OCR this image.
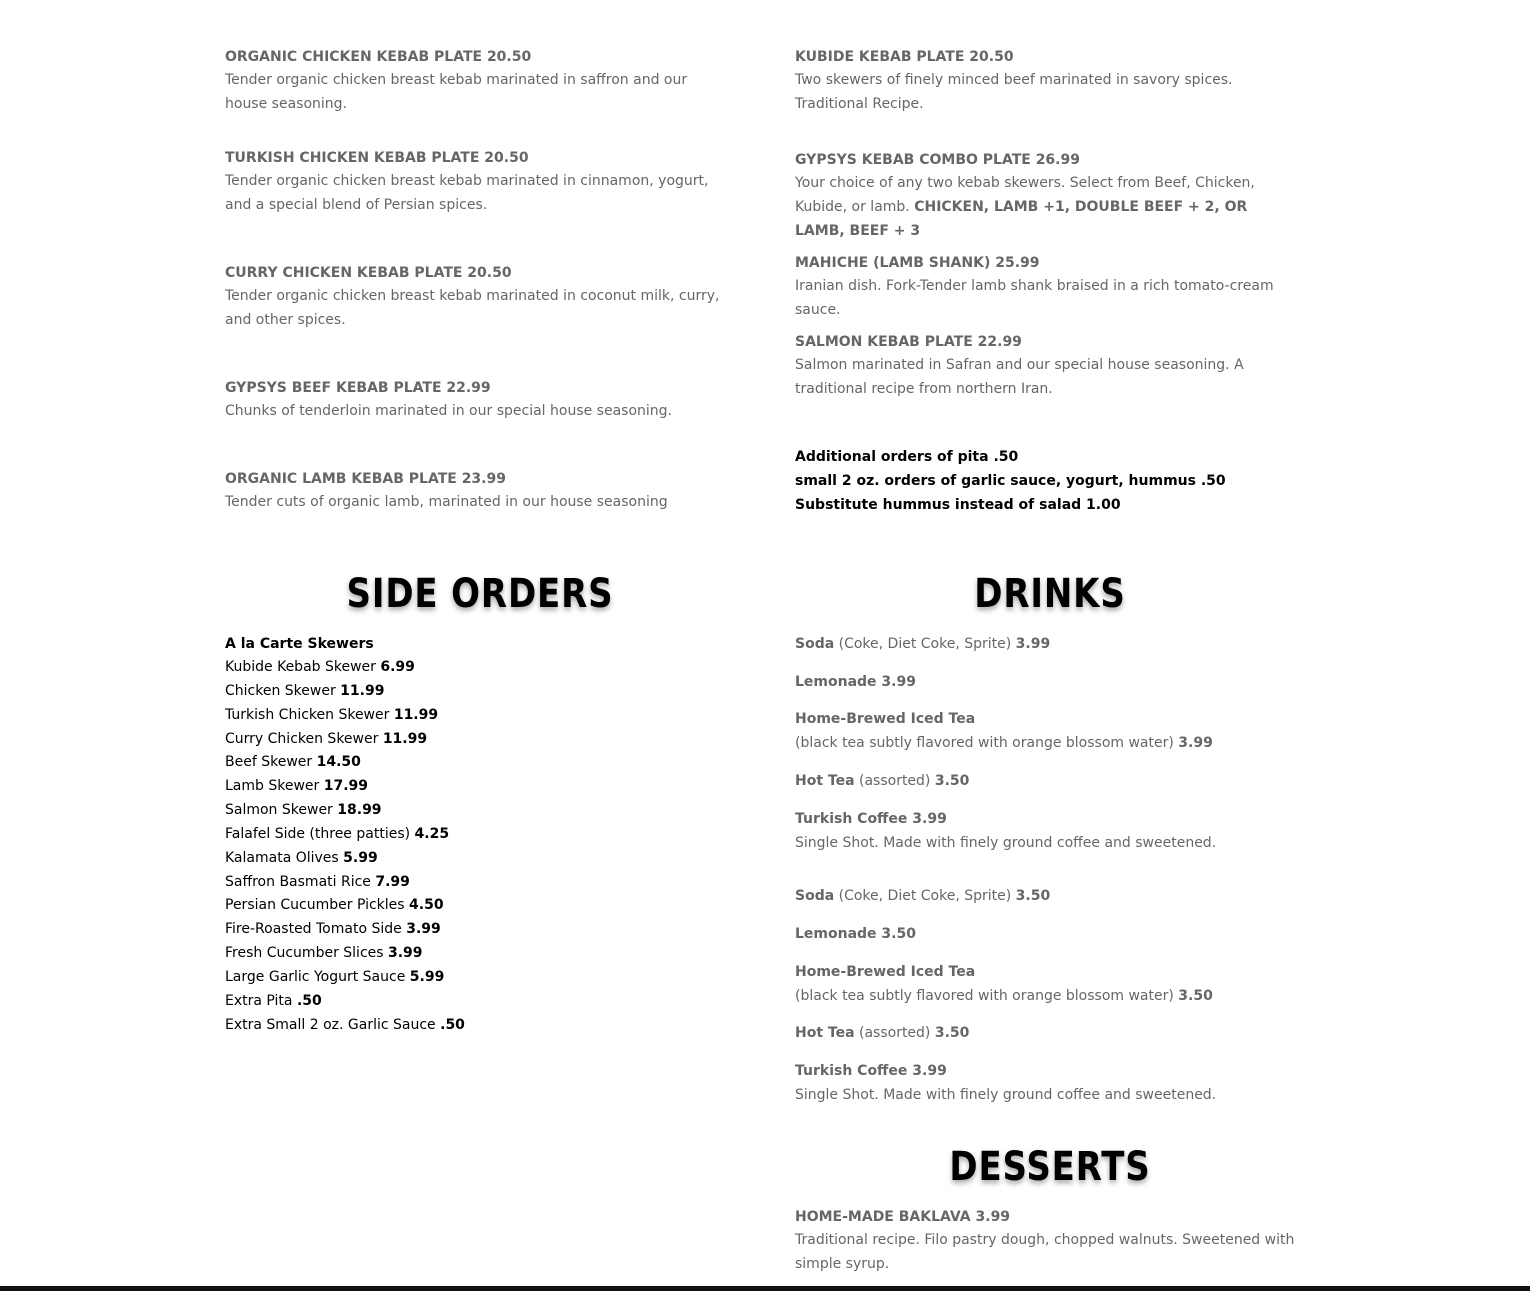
ORGANIC CHICKEN KEBAB PLATE 20.50
Tender organic chicken breast kebab marinated in saffron and our house seasoning.
TURKISH CHICKEN KEBAB PLATE 20.50
Tender organic chicken breast kebab marinated in cinnamon, yogurt, and a special blend of Persian spices.
CURRY CHICKEN KEBAB PLATE 20.50
Tender organic chicken breast kebab marinated in coconut milk, curry, and other spices.
GYPSYS BEEF KEBAB PLATE 22.99
Chunks of tenderloin marinated in our special house seasoning.
ORGANIC LAMB KEBAB PLATE 23.99
Tender cuts of organic lamb, marinated in our house seasoning
KUBIDE KEBAB PLATE 20.50
Two skewers of finely minced beef marinated in savory spices. Traditional Recipe.
GYPSYS KEBAB COMBO PLATE 26.99
Your choice of any two kebab skewers. Select from Beef, Chicken, Kubide, or lamb. CHICKEN, LAMB +1, DOUBLE BEEF + 2, OR LAMB, BEEF + 3
MAHICHE (LAMB SHANK) 25.99
Iranian dish. Fork-Tender lamb shank braised in a rich tomato-cream sauce.
SALMON KEBAB PLATE 22.99
Salmon marinated in Safran and our special house seasoning. A traditional recipe from northern Iran.
Additional orders of pita .50
small 2 oz. orders of garlic sauce, yogurt, hummus .50
Substitute hummus instead of salad 1.00
SIDE ORDERS	DRINKS
DESSERTS
A la Carte Skewers
Kubide Kebab Skewer 6.99
Chicken Skewer 11.99
Turkish Chicken Skewer 11.99
Curry Chicken Skewer 11.99
Beef Skewer 14.50
Lamb Skewer 17.99
Salmon Skewer 18.99
Falafel Side (three patties) 4.25
Kalamata Olives 5.99
Saffron Basmati Rice 7.99
Persian Cucumber Pickles 4.50
Fire-Roasted Tomato Side 3.99
Fresh Cucumber Slices 3.99
Large Garlic Yogurt Sauce 5.99
Extra Pita .50
Extra Small 2 oz. Garlic Sauce .50
Soda (Coke, Diet Coke, Sprite) 3.99
Lemonade 3.99
Home-Brewed Iced Tea
(black tea subtly flavored with orange blossom water) 3.99
Hot Tea (assorted) 3.50
Turkish Coffee 3.99
Single Shot. Made with finely ground coffee and sweetened.
Soda (Coke, Diet Coke, Sprite) 3.50
Lemonade 3.50
Home-Brewed Iced Tea
(black tea subtly flavored with orange blossom water) 3.50
Hot Tea (assorted) 3.50
Turkish Coffee 3.99
Single Shot. Made with finely ground coffee and sweetened.
HOME-MADE BAKLAVA 3.99
Traditional recipe. Filo pastry dough, chopped walnuts. Sweetened with simple syrup.
